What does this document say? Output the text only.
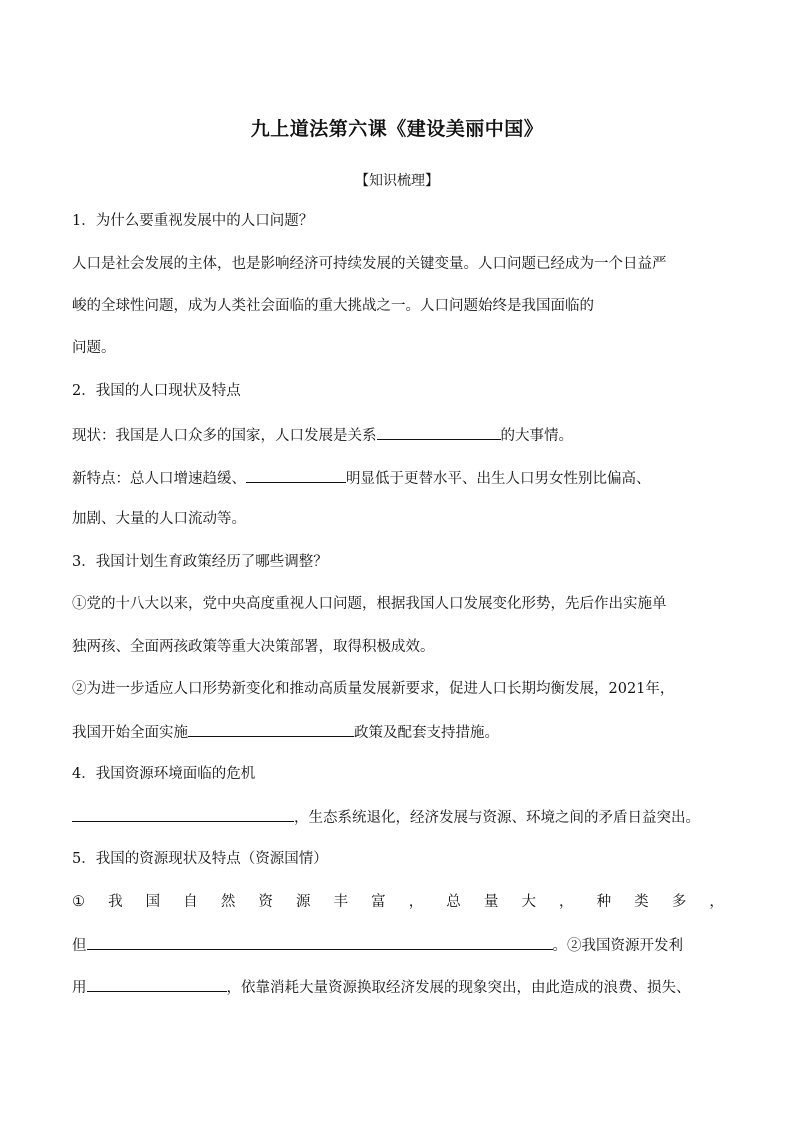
九上道法第六课《建设美丽中国》
【知识梳理】
1．为什么要重视发展中的人口问题？
人口是社会发展的主体，也是影响经济可持续发展的关键变量。人口问题已经成为一个日益严
峻的全球性问题，成为人类社会面临的重大挑战之一。人口问题始终是我国面临的
问题。
2．我国的人口现状及特点
现状：我国是人口众多的国家，人口发展是关系	的大事情。
新特点：总人口增速趋缓、	明显低于更替水平、出生人口男女性别比偏高、
加剧、大量的人口流动等。
3．我国计划生育政策经历了哪些调整？
①党的十八大以来，党中央高度重视人口问题，根据我国人口发展变化形势，先后作出实施单
独两孩、全面两孩政策等重大决策部署，取得积极成效。
②为进一步适应人口形势新变化和推动高质量发展新要求，促进人口长期均衡发展，2021年，
我国开始全面实施	政策及配套支持措施。
4．我国资源环境面临的危机
，生态系统退化，经济发展与资源、环境之间的矛盾日益突出。
5．我国的资源现状及特点（资源国情）
① 我 国 自 然 资 源 丰 富 ， 总 量 大 ， 种 类 多 ，
但	。②我国资源开发利
用	，依靠消耗大量资源换取经济发展的现象突出，由此造成的浪费、损失、
